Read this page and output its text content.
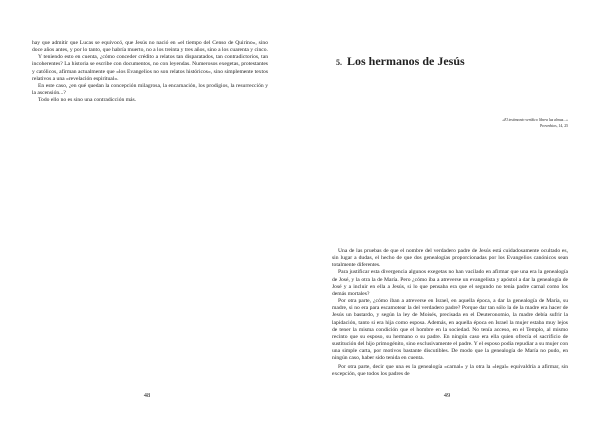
hay que admitir que Lucas se equivocó, que Jesús no nació en «el tiempo del Censo de Quirino», sino doce años antes, y por lo tanto, que habría muerto, no a los treinta y tres años, sino a los cuarenta y cinco.

Y teniendo esto en cuenta, ¿cómo conceder crédito a relatos tan disparatados, tan contradictorios, tan incoherentes? La historia se escribe con documentos, no con leyendas. Numerosos exegetas, protestantes y católicos, afirman actualmente que «los Evangelios no son relatos históricos», sino simplemente textos relativos a una «revelación espiritual».

En este caso, ¿en qué quedan la concepción milagrosa, la encarnación, los prodigios, la resurrección y la ascensión...?

Todo ello no es sino una contradicción más.

48
5. Los hermanos de Jesús
«El testimonio verídico libera las almas...»
Proverbios, 14, 25

Una de las pruebas de que el nombre del verdadero padre de Jesús está cuidadosamente ocultado es, sin lugar a dudas, el hecho de que dos genealogías proporcionadas por los Evangelios canónicos sean totalmente diferentes.

Para justificar esta divergencia algunos exegetas no han vacilado en afirmar que una era la genealogía de José, y la otra la de María. Pero ¿cómo iba a atreverse un evangelista y apóstol a dar la genealogía de José y a incluir en ella a Jesús, si lo que pensaba era que el segundo no tenía padre carnal como los demás mortales?

Por otra parte, ¿cómo iban a atreverse en Israel, en aquella época, a dar la genealogía de María, su madre, si no era para escamotear la del verdadero padre? Porque dar tan sólo la de la madre era hacer de Jesús un bastardo, y según la ley de Moisés, precisada en el Deuteronomio, la madre debía sufrir la lapidación, tanto si era hija como esposa. Además, en aquella época en Israel la mujer estaba muy lejos de tener la misma condición que el hombre en la sociedad. No tenía acceso, en el Templo, al mismo recinto que su esposo, su hermano o su padre. En ningún caso era ella quien ofrecía el sacrificio de sustitución del hijo primogénito, sino exclusivamente el padre. Y el esposo podía repudiar a su mujer con una simple carta, por motivos bastante discutibles. De modo que la genealogía de María no pudo, en ningún caso, haber sido tenida en cuenta.

Por otra parte, decir que una es la genealogía «carnal» y la otra la «legal» equivaldría a afirmar, sin excepción, que todos los padres de

49
